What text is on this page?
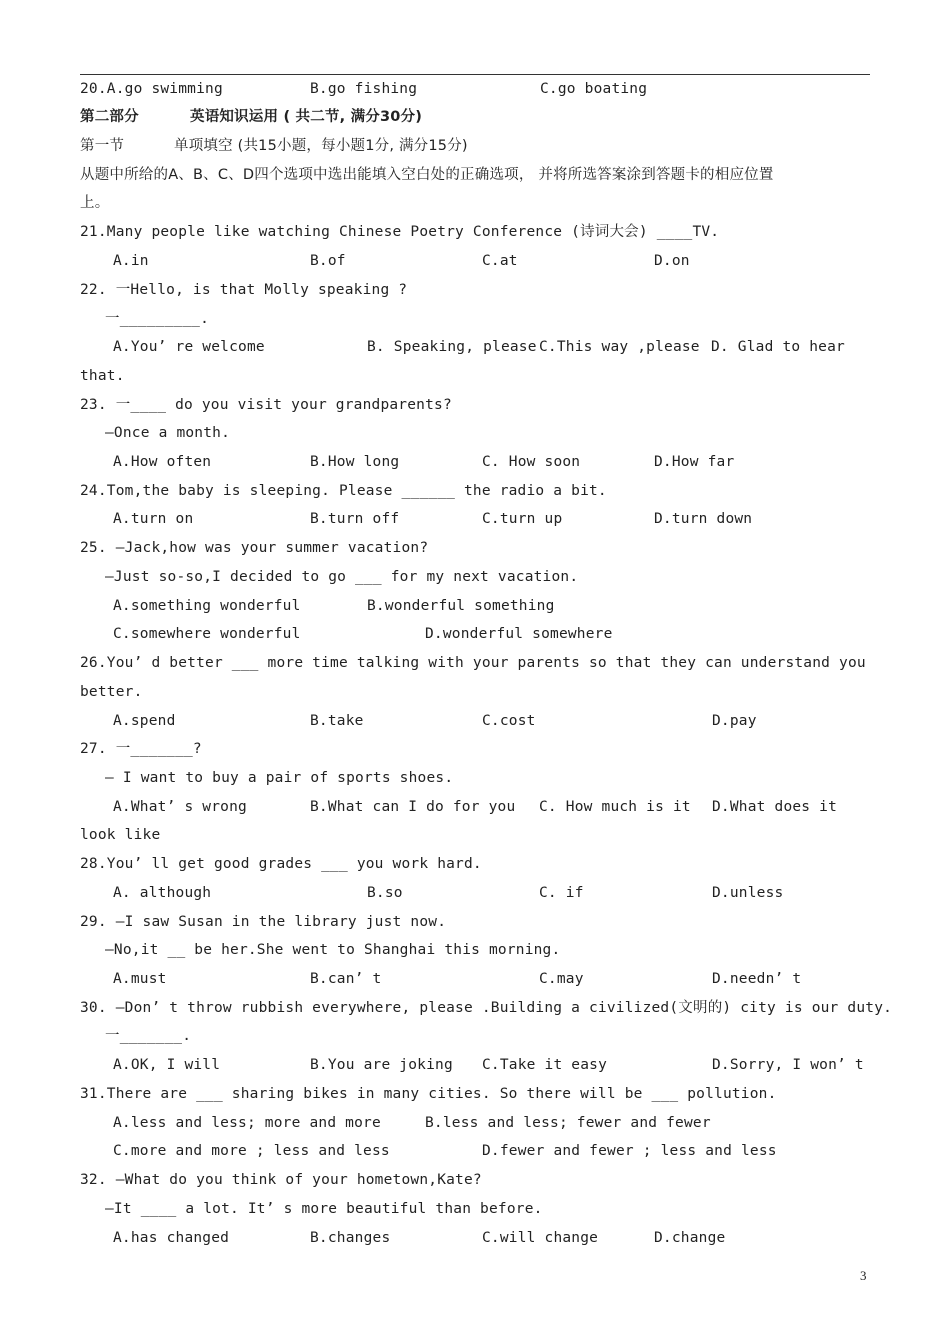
20.A.go swimming	B.go fishing	C.go boating
第二部分	英语知识运用 ( 共二节, 满分30分)
第一节	单项填空 (共15小题，每小题1分, 满分15分)
从题中所给的A、B、C、D四个选项中选出能填入空白处的正确选项， 并将所选答案涂到答题卡的相应位置
上。
21.Many people like watching Chinese Poetry Conference (诗词大会) ____TV.
A.in	B.of	C.at	D.on
22. 一Hello, is that Molly speaking ?
一_________.
A.You’ re welcome	B. Speaking, please C.This way ,please D. Glad to hear
that.
23. 一____ do you visit your grandparents?
—Once a month.
A.How often	B.How long	C. How soon	D.How far
24.Tom,the baby is sleeping. Please ______ the radio a bit.
A.turn on	B.turn off	C.turn up	D.turn down
25. —Jack,how was your summer vacation?
—Just so-so,I decided to go ___ for my next vacation.
A.something wonderful	B.wonderful something
C.somewhere wonderful	D.wonderful somewhere
26.You’ d better ___ more time talking with your parents so that they can understand you
better.
A.spend	B.take	C.cost	D.pay
27. 一_______?
— I want to buy a pair of sports shoes.
A.What’ s wrong	B.What can I do for you C. How much is it D.What does it
look like
28.You’ ll get good grades ___ you work hard.
A. although	B.so	C. if	D.unless
29. —I saw Susan in the library just now.
—No,it __ be her.She went to Shanghai this morning.
A.must	B.can’ t	C.may	D.needn’ t
30. —Don’ t throw rubbish everywhere, please .Building a civilized(文明的) city is our duty.
一_______.
A.OK, I will	B.You are joking C.Take it easy	D.Sorry, I won’ t
31.There are ___ sharing bikes in many cities. So there will be ___ pollution.
A.less and less; more and more	B.less and less; fewer and fewer
C.more and more ; less and less	D.fewer and fewer ; less and less
32. —What do you think of your hometown,Kate?
—It ____ a lot. It’ s more beautiful than before.
A.has changed	B.changes	C.will change	D.change
3
